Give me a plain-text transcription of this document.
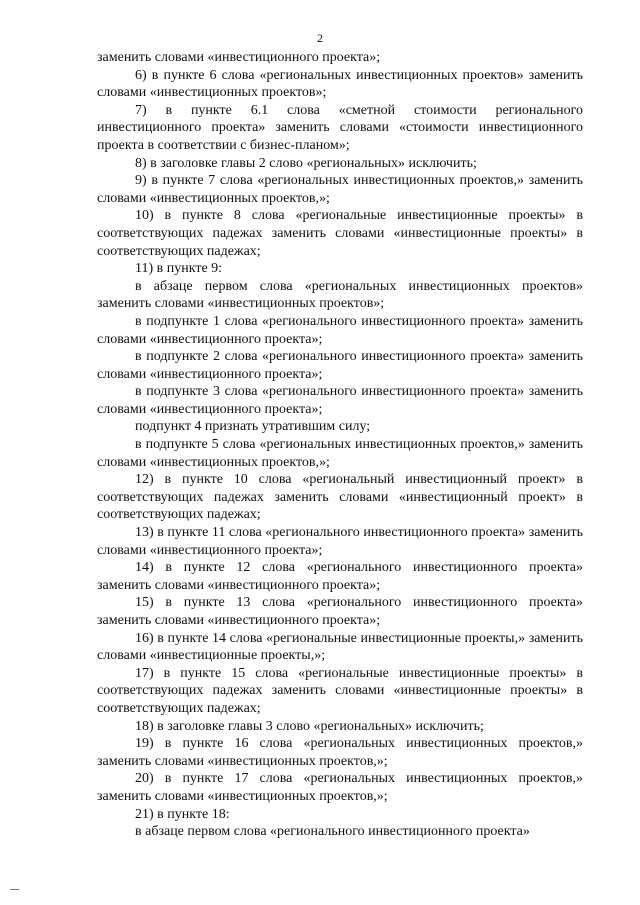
2

заменить словами «инвестиционного проекта»;

6) в пункте 6 слова «региональных инвестиционных проектов» заменить словами «инвестиционных проектов»;

7) в пункте 6.1 слова «сметной стоимости регионального инвестиционного проекта» заменить словами «стоимости инвестиционного проекта в соответствии с бизнес-планом»;

8) в заголовке главы 2 слово «региональных» исключить;

9) в пункте 7 слова «региональных инвестиционных проектов,» заменить словами «инвестиционных проектов,»;

10) в пункте 8 слова «региональные инвестиционные проекты» в соответствующих падежах заменить словами «инвестиционные проекты» в соответствующих падежах;

11) в пункте 9:

в абзаце первом слова «региональных инвестиционных проектов» заменить словами «инвестиционных проектов»;

в подпункте 1 слова «регионального инвестиционного проекта» заменить словами «инвестиционного проекта»;

в подпункте 2 слова «регионального инвестиционного проекта» заменить словами «инвестиционного проекта»;

в подпункте 3 слова «регионального инвестиционного проекта» заменить словами «инвестиционного проекта»;

подпункт 4 признать утратившим силу;

в подпункте 5 слова «региональных инвестиционных проектов,» заменить словами «инвестиционных проектов,»;

12) в пункте 10 слова «региональный инвестиционный проект» в соответствующих падежах заменить словами «инвестиционный проект» в соответствующих падежах;

13) в пункте 11 слова «регионального инвестиционного проекта» заменить словами «инвестиционного проекта»;

14) в пункте 12 слова «регионального инвестиционного проекта» заменить словами «инвестиционного проекта»;

15) в пункте 13 слова «регионального инвестиционного проекта» заменить словами «инвестиционного проекта»;

16) в пункте 14 слова «региональные инвестиционные проекты,» заменить словами «инвестиционные проекты,»;

17) в пункте 15 слова «региональные инвестиционные проекты» в соответствующих падежах заменить словами «инвестиционные проекты» в соответствующих падежах;

18) в заголовке главы 3 слово «региональных» исключить;

19) в пункте 16 слова «региональных инвестиционных проектов,» заменить словами «инвестиционных проектов,»;

20) в пункте 17 слова «региональных инвестиционных проектов,» заменить словами «инвестиционных проектов,»;

21) в пункте 18:

в абзаце первом слова «регионального инвестиционного проекта»
